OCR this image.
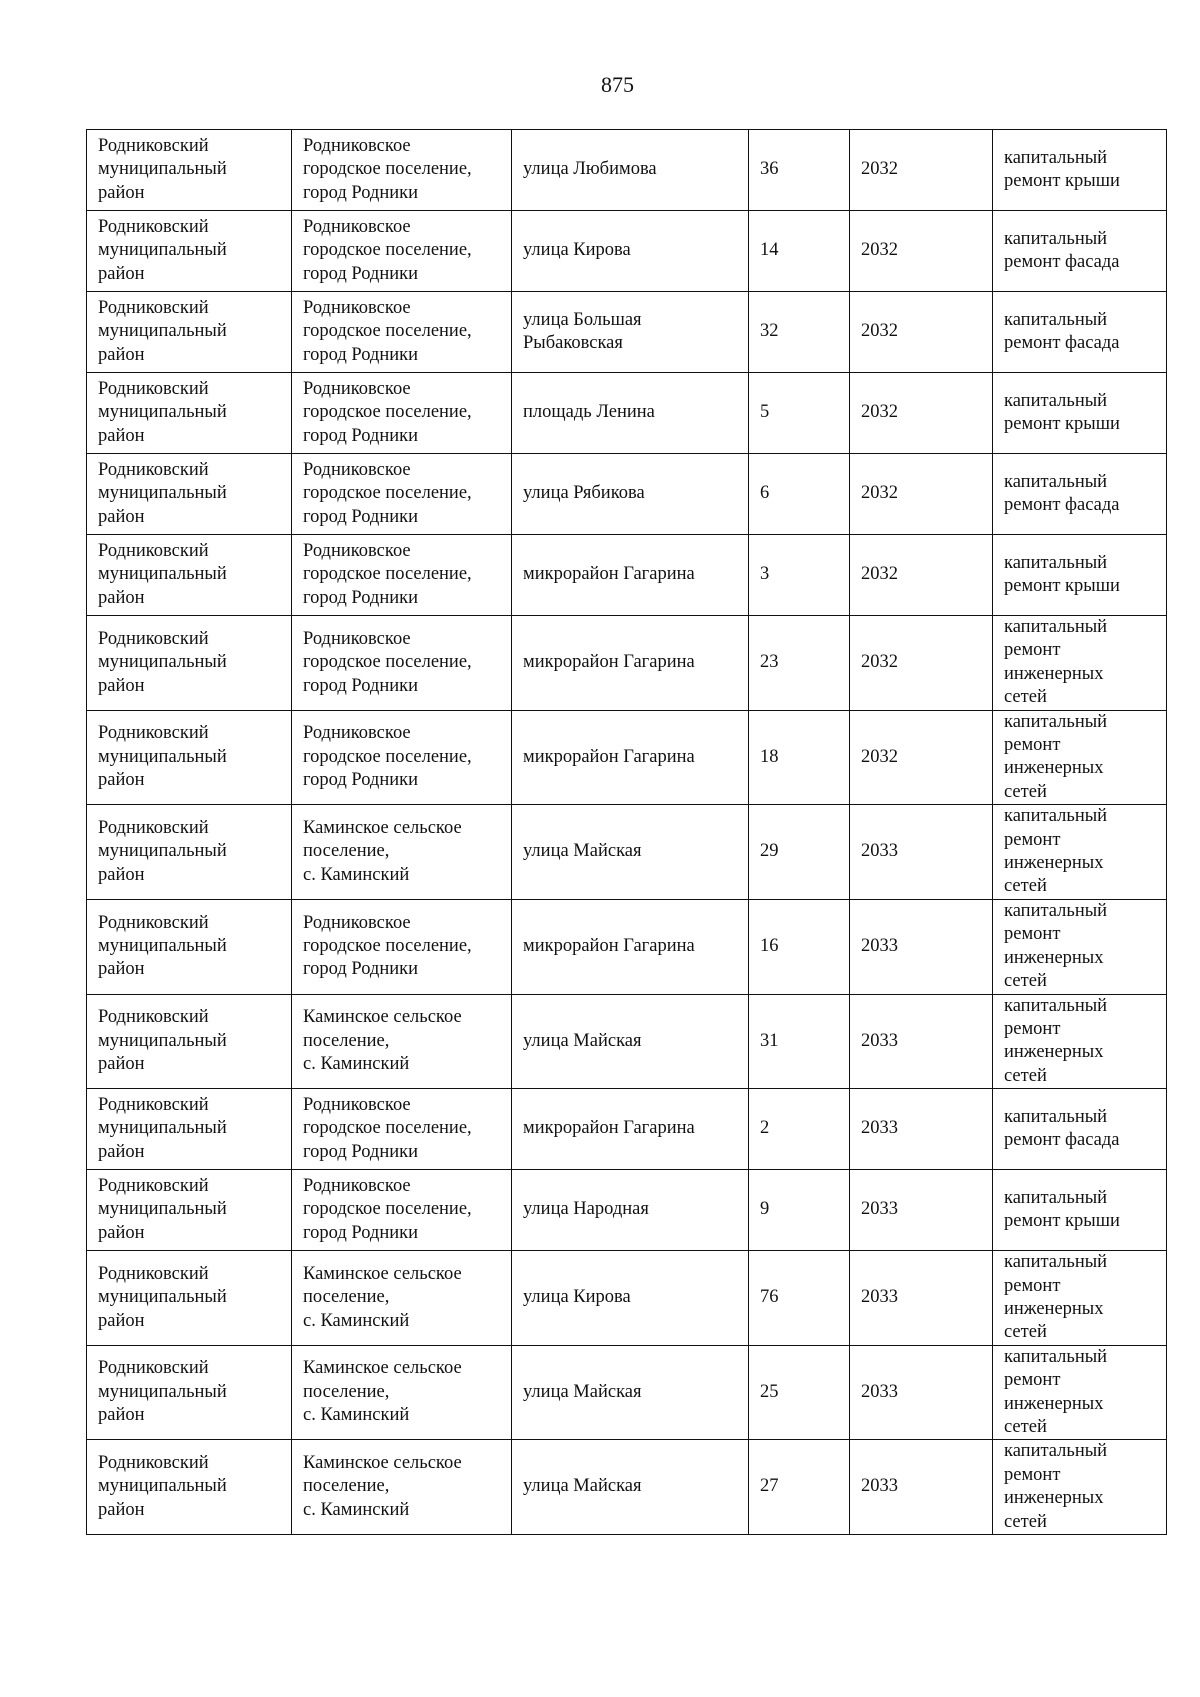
875
Родниковский
муниципальный
район	Родниковское
городское поселение,
город Родники	улица Любимова	36	2032	капитальный
ремонт крыши

Родниковский
муниципальный
район	Родниковское
городское поселение,
город Родники	улица Кирова	14	2032	капитальный
ремонт фасада

Родниковский
муниципальный
район	Родниковское
городское поселение,
город Родники	улица Большая
Рыбаковская	32	2032	капитальный
ремонт фасада

Родниковский
муниципальный
район	Родниковское
городское поселение,
город Родники	площадь Ленина	5	2032	капитальный
ремонт крыши

Родниковский
муниципальный
район	Родниковское
городское поселение,
город Родники	улица Рябикова	6	2032	капитальный
ремонт фасада

Родниковский
муниципальный
район	Родниковское
городское поселение,
город Родники	микрорайон Гагарина	3	2032	капитальный
ремонт крыши

Родниковский
муниципальный
район	Родниковское
городское поселение,
город Родники	микрорайон Гагарина	23	2032	капитальный
ремонт
инженерных
сетей

Родниковский
муниципальный
район	Родниковское
городское поселение,
город Родники	микрорайон Гагарина	18	2032	капитальный
ремонт
инженерных
сетей

Родниковский
муниципальный
район	Каминское сельское
поселение,
с. Каминский	улица Майская	29	2033	капитальный
ремонт
инженерных
сетей

Родниковский
муниципальный
район	Родниковское
городское поселение,
город Родники	микрорайон Гагарина	16	2033	капитальный
ремонт
инженерных
сетей

Родниковский
муниципальный
район	Каминское сельское
поселение,
с. Каминский	улица Майская	31	2033	капитальный
ремонт
инженерных
сетей

Родниковский
муниципальный
район	Родниковское
городское поселение,
город Родники	микрорайон Гагарина	2	2033	капитальный
ремонт фасада

Родниковский
муниципальный
район	Родниковское
городское поселение,
город Родники	улица Народная	9	2033	капитальный
ремонт крыши

Родниковский
муниципальный
район	Каминское сельское
поселение,
с. Каминский	улица Кирова	76	2033	капитальный
ремонт
инженерных
сетей

Родниковский
муниципальный
район	Каминское сельское
поселение,
с. Каминский	улица Майская	25	2033	капитальный
ремонт
инженерных
сетей

Родниковский
муниципальный
район	Каминское сельское
поселение,
с. Каминский	улица Майская	27	2033	капитальный
ремонт
инженерных
сетей
